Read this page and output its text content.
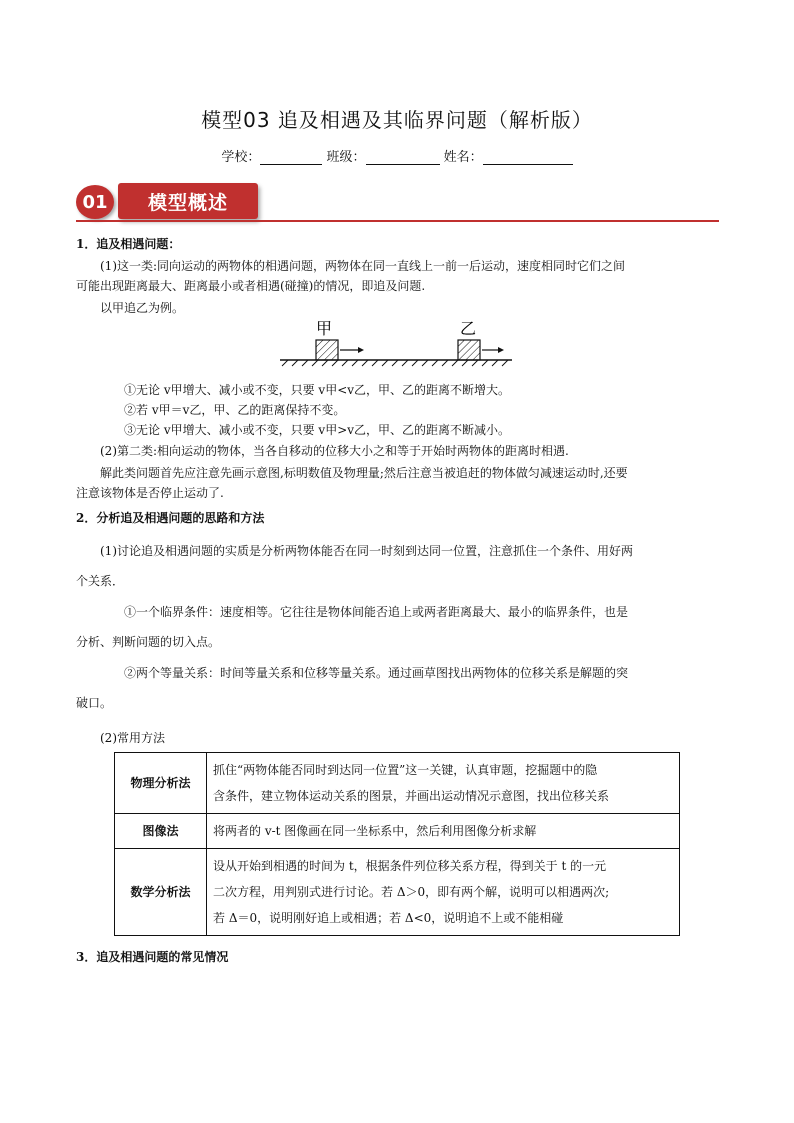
模型03 追及相遇及其临界问题（解析版）
学校：	班级：	姓名：
01	模型概述
1．追及相遇问题：
(1)这一类:同向运动的两物体的相遇问题，两物体在同一直线上一前一后运动，速度相同时它们之间
可能出现距离最大、距离最小或者相遇(碰撞)的情况，即追及问题.
以甲追乙为例。
甲	乙
①无论 v甲增大、减小或不变，只要 v甲<v乙，甲、乙的距离不断增大。
②若 v甲＝v乙，甲、乙的距离保持不变。
③无论 v甲增大、减小或不变，只要 v甲>v乙，甲、乙的距离不断减小。
(2)第二类:相向运动的物体，当各自移动的位移大小之和等于开始时两物体的距离时相遇.
解此类问题首先应注意先画示意图,标明数值及物理量;然后注意当被追赶的物体做匀减速运动时,还要
注意该物体是否停止运动了.
2．分析追及相遇问题的思路和方法
(1)讨论追及相遇问题的实质是分析两物体能否在同一时刻到达同一位置，注意抓住一个条件、用好两
个关系．
①一个临界条件：速度相等。它往往是物体间能否追上或两者距离最大、最小的临界条件，也是
分析、判断问题的切入点。
②两个等量关系：时间等量关系和位移等量关系。通过画草图找出两物体的位移关系是解题的突
破口。
(2)常用方法
物理分析法	抓住“两物体能否同时到达同一位置”这一关键，认真审题，挖掘题中的隐
含条件，建立物体运动关系的图景，并画出运动情况示意图，找出位移关系

图像法	将两者的 v-t 图像画在同一坐标系中，然后利用图像分析求解

数学分析法	设从开始到相遇的时间为 t，根据条件列位移关系方程，得到关于 t 的一元
二次方程，用判别式进行讨论。若 Δ＞0，即有两个解，说明可以相遇两次;
若 Δ＝0，说明刚好追上或相遇；若 Δ<0，说明追不上或不能相碰
3．追及相遇问题的常见情况
